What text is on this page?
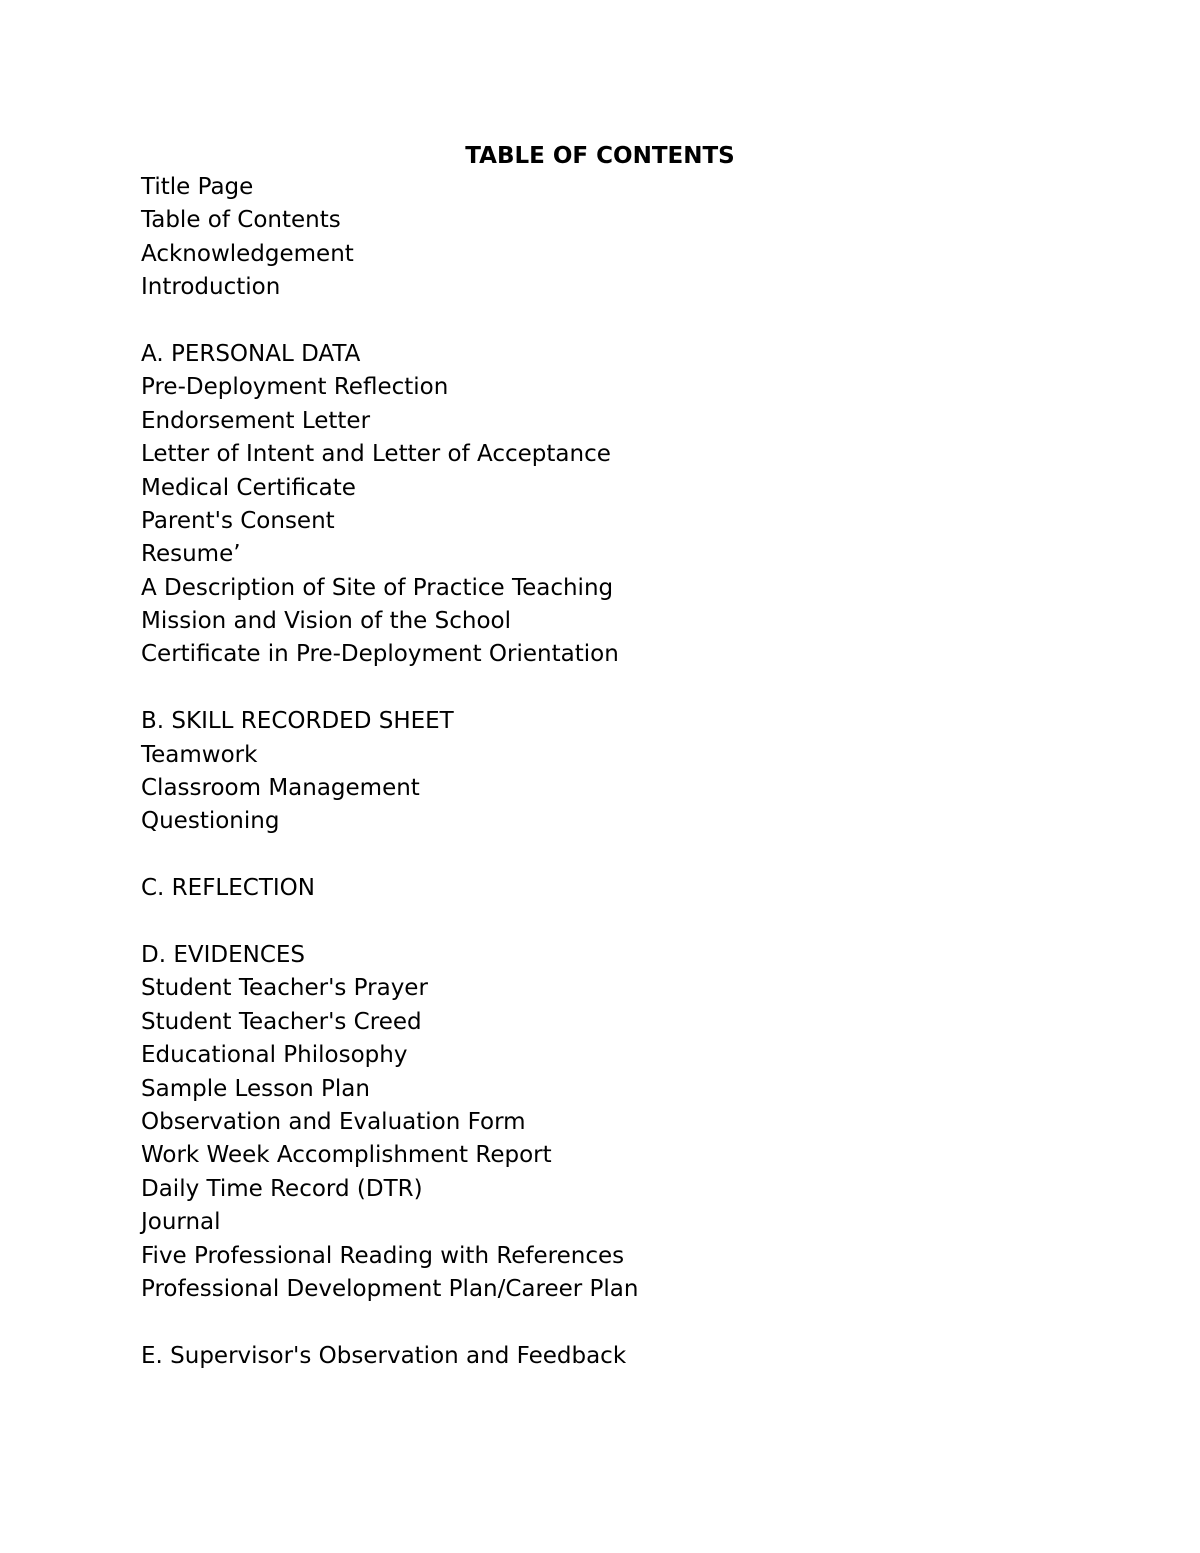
TABLE OF CONTENTS
Title Page
Table of Contents
Acknowledgement
Introduction
A. PERSONAL DATA
Pre-Deployment Reflection
Endorsement Letter
Letter of Intent and Letter of Acceptance
Medical Certificate
Parent's Consent
Resume’
A Description of Site of Practice Teaching
Mission and Vision of the School
Certificate in Pre-Deployment Orientation
B. SKILL RECORDED SHEET
Teamwork
Classroom Management
Questioning
C. REFLECTION
D. EVIDENCES
Student Teacher's Prayer
Student Teacher's Creed
Educational Philosophy
Sample Lesson Plan
Observation and Evaluation Form
Work Week Accomplishment Report
Daily Time Record (DTR)
Journal
Five Professional Reading with References
Professional Development Plan/Career Plan
E. Supervisor's Observation and Feedback
